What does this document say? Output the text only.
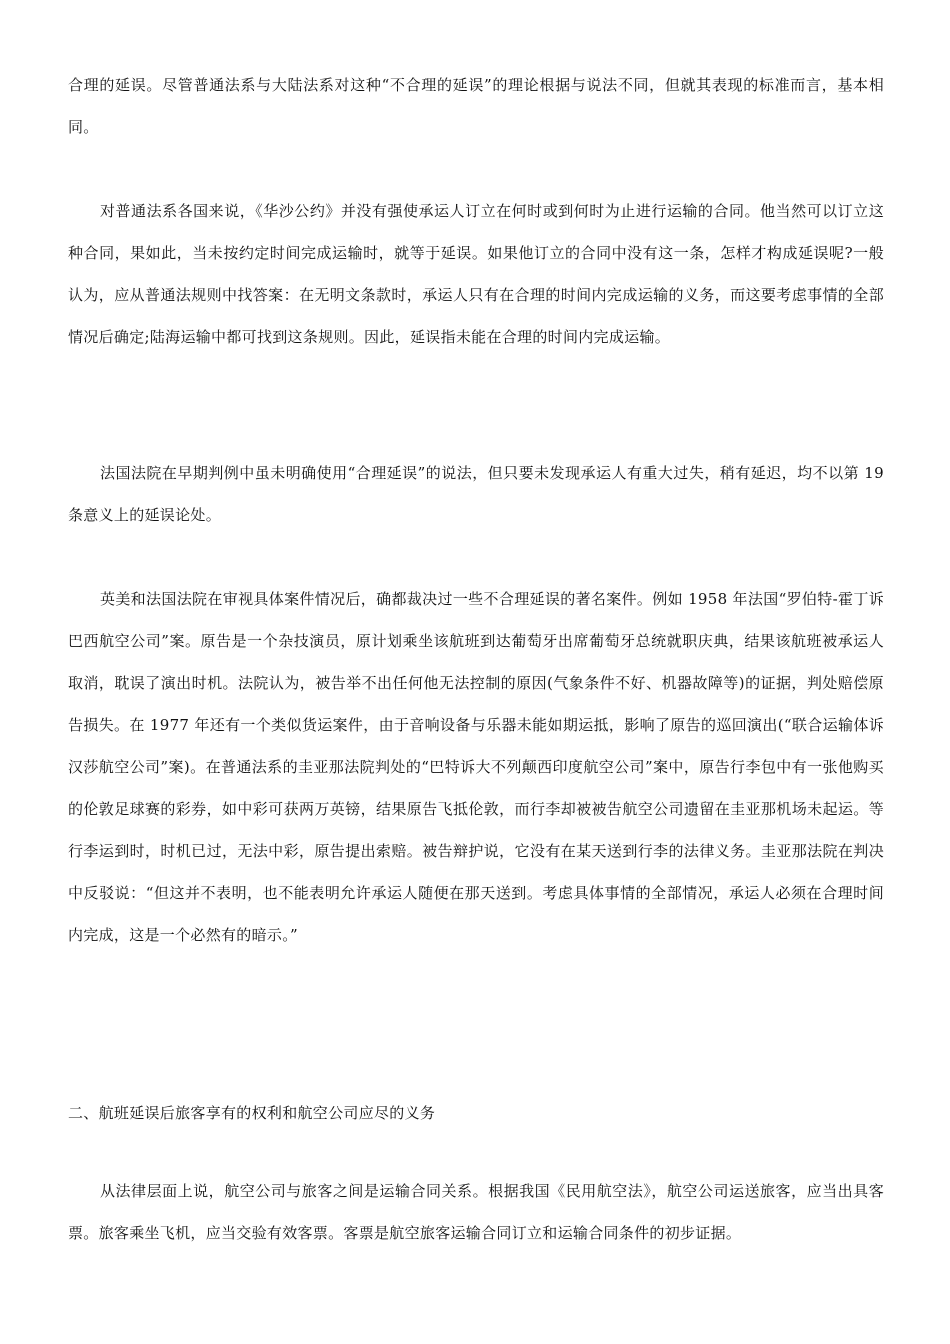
合理的延误。尽管普通法系与大陆法系对这种“不合理的延误”的理论根据与说法不同，但就其表现的标准而言，基本相同。

对普通法系各国来说，《华沙公约》并没有强使承运人订立在何时或到何时为止进行运输的合同。他当然可以订立这种合同，果如此，当未按约定时间完成运输时，就等于延误。如果他订立的合同中没有这一条，怎样才构成延误呢?一般认为，应从普通法规则中找答案：在无明文条款时，承运人只有在合理的时间内完成运输的义务，而这要考虑事情的全部情况后确定;陆海运输中都可找到这条规则。因此，延误指未能在合理的时间内完成运输。

法国法院在早期判例中虽未明确使用“合理延误”的说法，但只要未发现承运人有重大过失，稍有延迟，均不以第 19 条意义上的延误论处。

英美和法国法院在审视具体案件情况后，确都裁决过一些不合理延误的著名案件。例如 1958 年法国“罗伯特-霍丁诉巴西航空公司”案。原告是一个杂技演员，原计划乘坐该航班到达葡萄牙出席葡萄牙总统就职庆典，结果该航班被承运人取消，耽误了演出时机。法院认为，被告举不出任何他无法控制的原因(气象条件不好、机器故障等)的证据，判处赔偿原告损失。在 1977 年还有一个类似货运案件，由于音响设备与乐器未能如期运抵，影响了原告的巡回演出(“联合运输体诉汉莎航空公司”案)。在普通法系的圭亚那法院判处的“巴特诉大不列颠西印度航空公司”案中，原告行李包中有一张他购买的伦敦足球赛的彩券，如中彩可获两万英镑，结果原告飞抵伦敦，而行李却被被告航空公司遗留在圭亚那机场未起运。等行李运到时，时机已过，无法中彩，原告提出索赔。被告辩护说，它没有在某天送到行李的法律义务。圭亚那法院在判决中反驳说：“但这并不表明，也不能表明允许承运人随便在那天送到。考虑具体事情的全部情况，承运人必须在合理时间内完成，这是一个必然有的暗示。”

二、航班延误后旅客享有的权利和航空公司应尽的义务

从法律层面上说，航空公司与旅客之间是运输合同关系。根据我国《民用航空法》，航空公司运送旅客，应当出具客票。旅客乘坐飞机，应当交验有效客票。客票是航空旅客运输合同订立和运输合同条件的初步证据。
